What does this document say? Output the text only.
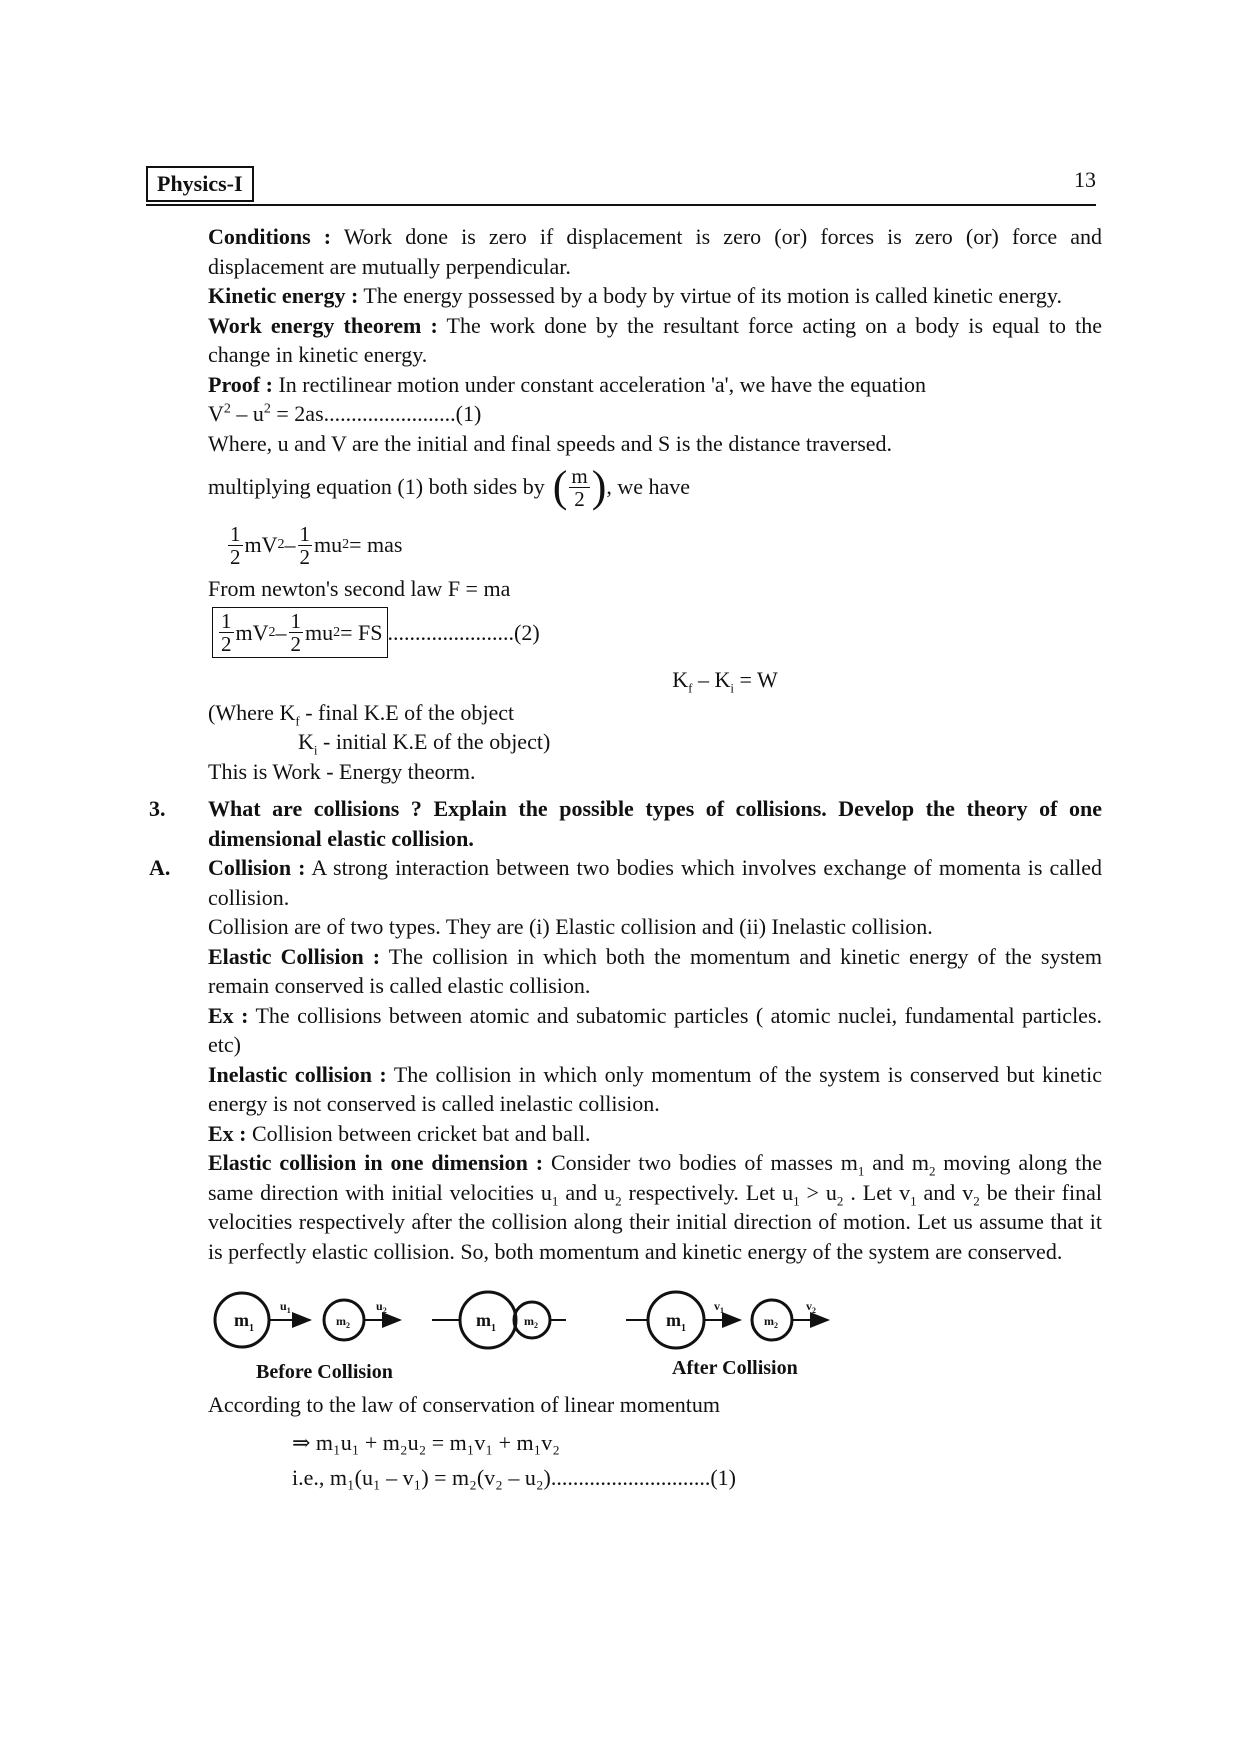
Physics-I	13

Conditions : Work done is zero if displacement is zero (or) forces is zero (or) force and displacement are mutually perpendicular.

Kinetic energy : The energy possessed by a body by virtue of its motion is called kinetic energy.

Work energy theorem : The work done by the resultant force acting on a body is equal to the change in kinetic energy.

Proof : In rectilinear motion under constant acceleration 'a', we have the equation

$V^2 - u^2 = 2as........................(1)$

Where, u and V are the initial and final speeds and S is the distance traversed.

multiplying equation (1) both sides by ( $\frac{m}{2}$ ) , we have
$\frac{1}{2}$ mV $2 - \frac{1}{2}$ mu 2 = mas

From newton's second law F = ma

$\frac{1}{2}$ mV $2 - \frac{1}{2}$ mu 2 = FS .......................(2)
$K_f - K_i = W$

(Where $K_f$ - final K.E of the object

$K_i$ - initial K.E of the object)

This is Work - Energy theorm.

3. What are collisions ? Explain the possible types of collisions. Develop the theory of one dimensional elastic collision.

A. Collision : A strong interaction between two bodies which involves exchange of momenta is called collision.

Collision are of two types. They are (i) Elastic collision and (ii) Inelastic collision.

Elastic Collision : The collision in which both the momentum and kinetic energy of the system remain conserved is called elastic collision.

Ex : The collisions between atomic and subatomic particles ( atomic nuclei, fundamental particles. etc)

Inelastic collision : The collision in which only momentum of the system is conserved but kinetic energy is not conserved is called inelastic collision.

Ex : Collision between cricket bat and ball.

Elastic collision in one dimension : Consider two bodies of masses $m_1$ and $m_2$ moving along the same direction with initial velocities $u_1$ and $u_2$ respectively. Let $u_1 > u_2$ . Let $v_1$ and $v_2$ be their final velocities respectively after the collision along their initial direction of motion. Let us assume that it is perfectly elastic collision. So, both momentum and kinetic energy of the system are conserved.

$m_1$
$u_1$
$m_2$
$u_2$	$m_1$
$m_2$	$m_1$
$v_1$
$m_2$
$v_2$
Before Collision	After Collision

According to the law of conservation of linear momentum

⇒ m₁u₁ + m₂u₂ = m₁v₁ + m₁v₂

i.e., m₁(u₁ – v₁) = m₂(v₂ – u₂).............................(1)
